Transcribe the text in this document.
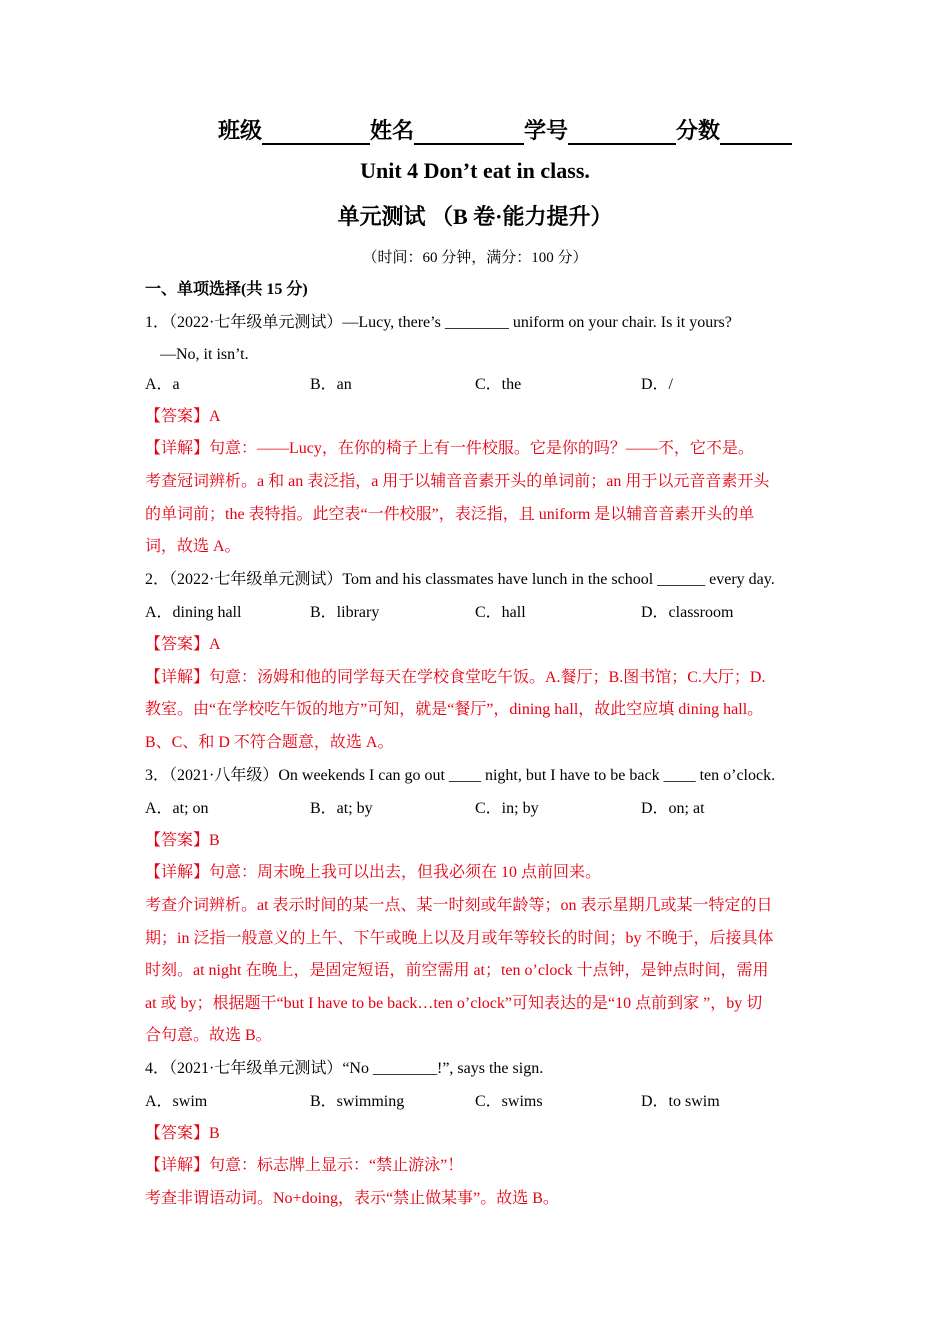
班级	姓名	学号	分数
Unit 4 Don’t eat in class.
单元测试 （B 卷·能力提升）
（时间：60 分钟，满分：100 分）
一、单项选择(共 15 分)
1．（2022·七年级单元测试）—Lucy, there’s ________ uniform on your chair. Is it yours?
—No, it isn’t.
A．a	B．an	C．the	D．/
【答案】A
【详解】句意：——Lucy，在你的椅子上有一件校服。它是你的吗？——不，它不是。
考查冠词辨析。a 和 an 表泛指，a 用于以辅音音素开头的单词前；an 用于以元音音素开头
的单词前；the 表特指。此空表“一件校服”，表泛指，且 uniform 是以辅音音素开头的单
词，故选 A。
2．（2022·七年级单元测试）Tom and his classmates have lunch in the school ______ every day.
A．dining hall	B．library	C．hall	D．classroom
【答案】A
【详解】句意：汤姆和他的同学每天在学校食堂吃午饭。A.餐厅；B.图书馆；C.大厅；D.
教室。由“在学校吃午饭的地方”可知，就是“餐厅”，dining hall，故此空应填 dining hall。
B、C、和 D 不符合题意，故选 A。
3．（2021·八年级）On weekends I can go out ____ night, but I have to be back ____ ten o’clock.
A．at; on	B．at; by	C．in; by	D．on; at
【答案】B
【详解】句意：周末晚上我可以出去，但我必须在 10 点前回来。
考查介词辨析。at 表示时间的某一点、某一时刻或年龄等；on 表示星期几或某一特定的日
期；in 泛指一般意义的上午、下午或晚上以及月或年等较长的时间；by 不晚于，后接具体
时刻。at night 在晚上，是固定短语，前空需用 at；ten o’clock 十点钟，是钟点时间，需用
at 或 by；根据题干“but I have to be back…ten o’clock”可知表达的是“10 点前到家 ”，by 切
合句意。故选 B。
4．（2021·七年级单元测试）“No ________!”, says the sign.
A．swim	B．swimming	C．swims	D．to swim
【答案】B
【详解】句意：标志牌上显示：“禁止游泳”！
考查非谓语动词。No+doing，表示“禁止做某事”。故选 B。
